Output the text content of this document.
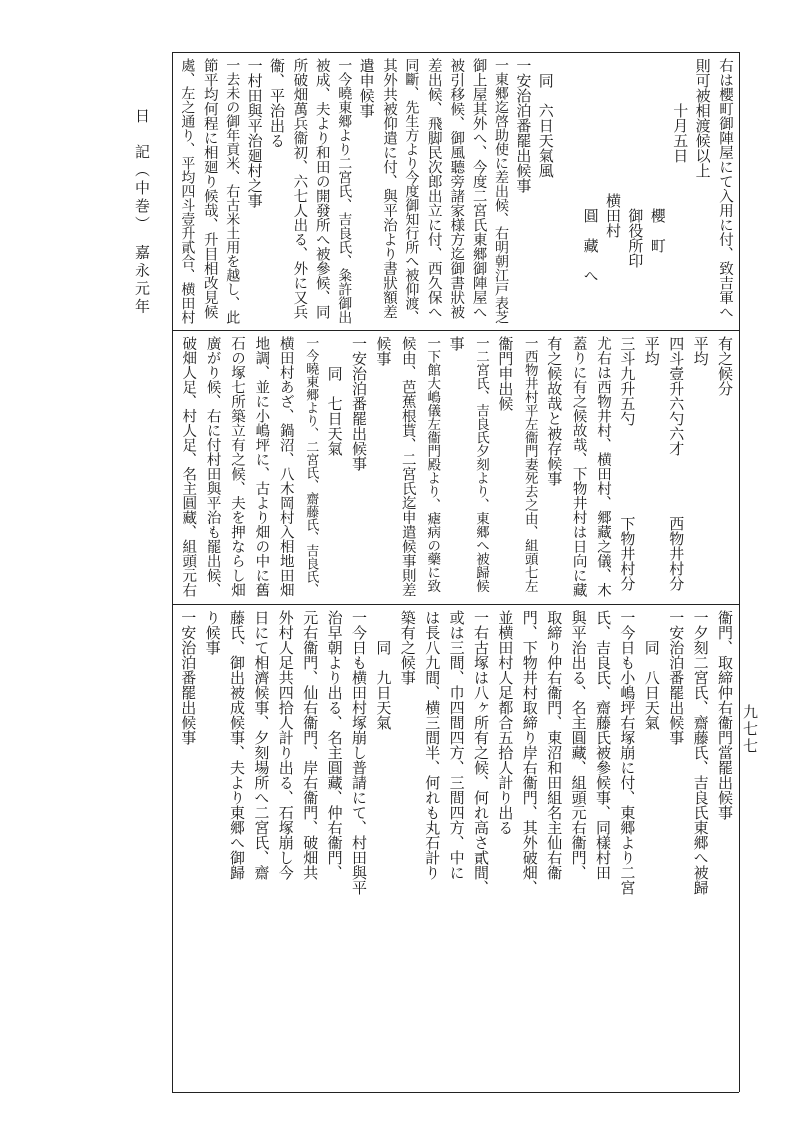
日　記（中巻）　嘉永元年
九七七
右は櫻町御陣屋にて入用に付、致吉軍へ
則可被相渡候以上
　　　十月五日
　　　　　　　　　　櫻　町
　　　　　　　　　　御役所印
　　　　　　　　　横田村
　　　　　　　　　　圓　藏　へ
　同　六日天氣風
一安治泊番罷出候事
一東郷迄啓助使に差出候、右明朝江戸表芝
御上屋其外へ、今度二宮氏東郷御陣屋へ
被引移候、御風聽旁諸家様方迄御書狀被
差出候、飛脚民次郎出立に付、西久保へ
同斷、先生方より今度御知行所へ被仰渡、
其外共被仰遣に付、與平治より書狀額差
遣申候事
一今曉東郷より二宮氏、吉良氏、粂許御出
被成、夫より和田の開發所へ被參候、同
所破畑萬兵衞初、六七人出る、外に又兵
衞、平治出る
一村田與平治廻村之事
一去未の御年貢米、右古米土用を越し、此
節平均何程に相廻り候哉、升目相改見候
處、左之通り、平均四斗壹升貳合、横田村
有之候分
平均
四斗壹升六勺六才　　　　西物井村分
平均
三斗九升五勺　　　　　　下物井村分
尤右は西物井村、横田村、郷藏之儀、木
蓋りに有之候故哉、下物井村は日向に藏
有之候故哉と被存候事
一西物井村平左衞門妻死去之由、組頭七左
衞門申出候
一二宮氏、吉良氏夕刻より、東郷へ被歸候
事
一下館大嶋儀左衞門殿より、瘧病の藥に致
候由、芭蕉根貰、二宮氏迄申遣候事則差
候事
一安治泊番罷出候事
　　同　七日天氣
一今曉東郷より、二宮氏、齋藤氏、吉良氏、
横田村あざ、鍋沼、八木岡村入相地田畑
地調、並に小嶋坪に、古より畑の中に舊
石の塚七所築立有之候、夫を押ならし畑
廣がり候、右に付村田與平治も罷出候、
破畑人足、村人足、名主圓藏、組頭元右
衞門、取締仲右衞門當罷出候事
一夕刻二宮氏、齋藤氏、吉良氏東郷へ被歸
一安治泊番罷出候事
　　同　八日天氣
一今日も小嶋坪右塚崩に付、東郷より二宮
氏、吉良氏、齋藤氏被參候事、同樣村田
與平治出る、名主圓藏、組頭元右衞門、
取締り仲右衞門、東沼和田組名主仙右衞
門、下物井村取締り岸右衞門、其外破畑、
並横田村人足都合五拾人計り出る
一右古塚は八ヶ所有之候、何れ高さ貳間、
或は三間、巾四間四方、三間四方、中に
は長八九間、横三間半、何れも丸石計り
築有之候事
　　同　九日天氣
一今日も横田村塚崩し普請にて、村田與平
治早朝より出る、名主圓藏、仲右衞門、
元右衞門、仙右衞門、岸右衞門、破畑共
外村人足共四拾人計り出る、石塚崩し今
日にて相濟候事、夕刻場所へ二宮氏、齋
藤氏、御出被成候事、夫より東郷へ御歸
り候事
一安治泊番罷出候事
